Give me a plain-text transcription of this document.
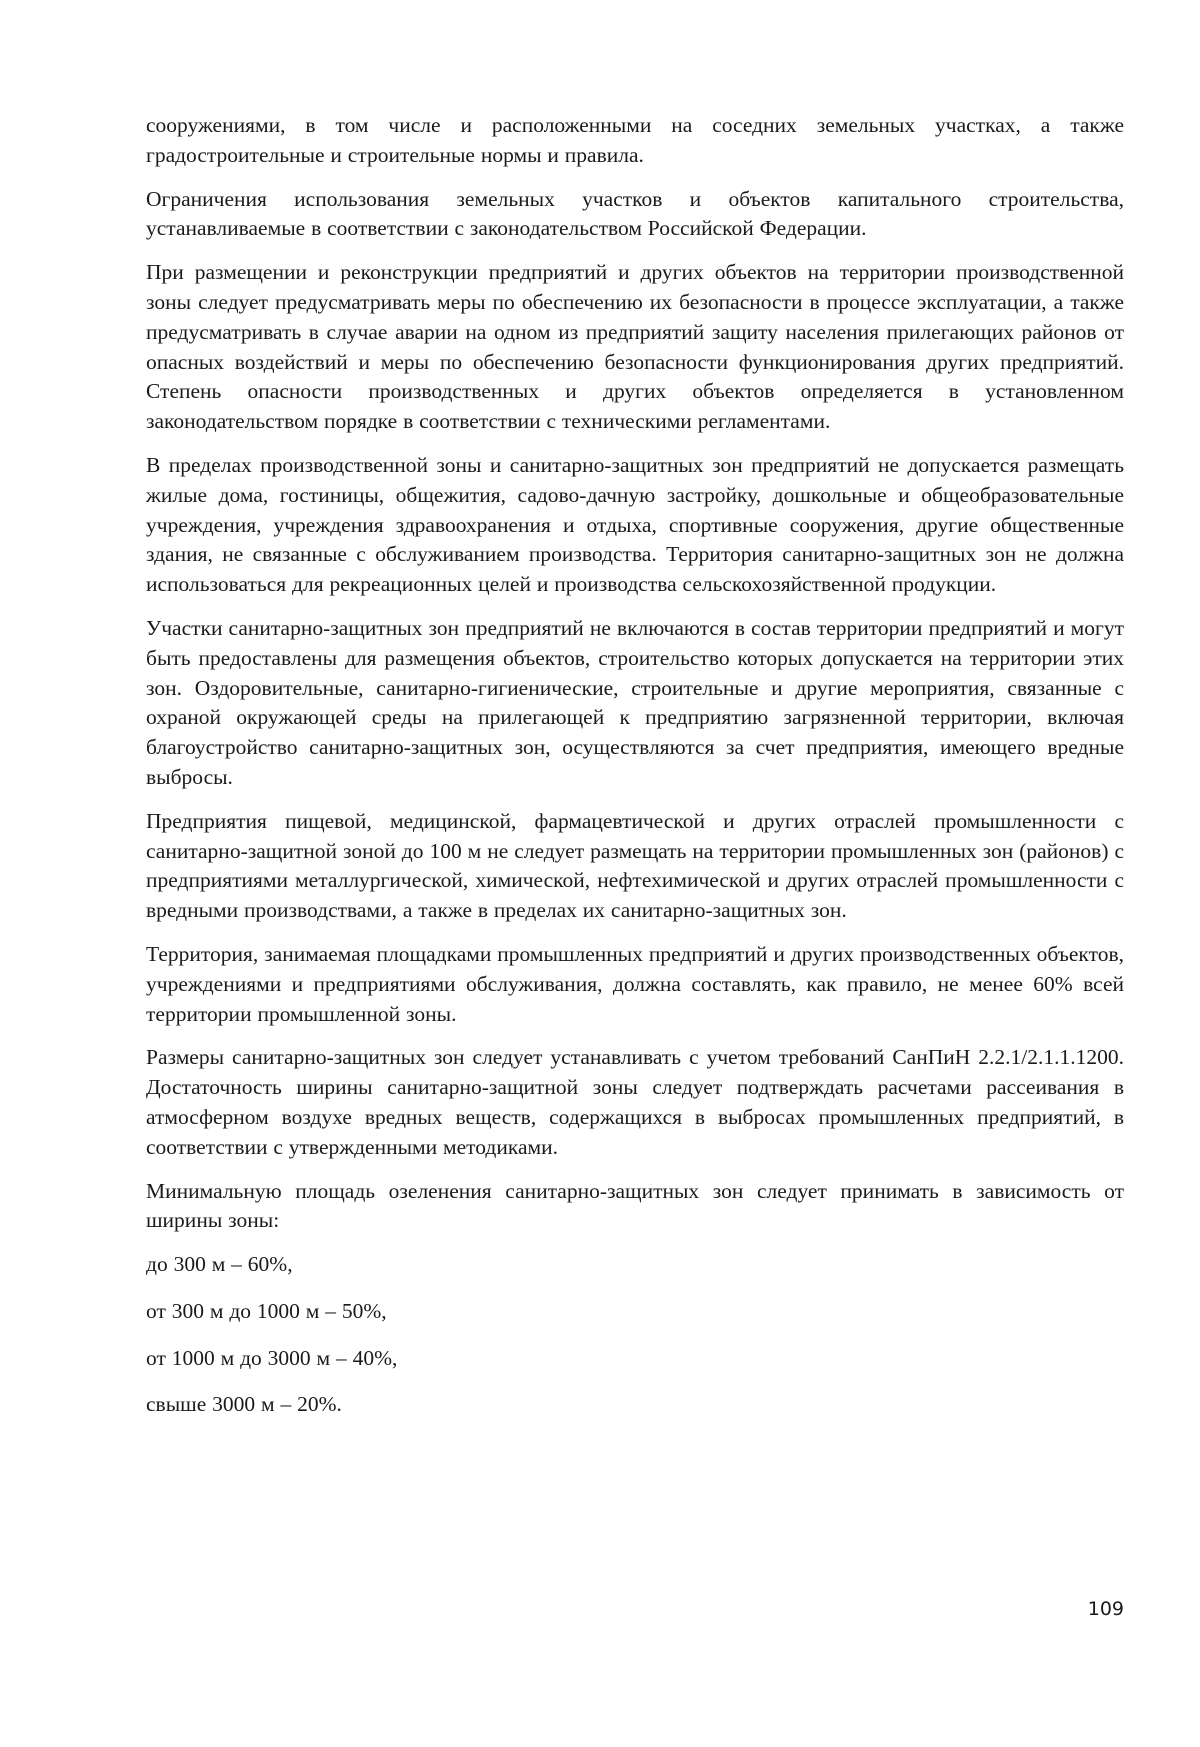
сооружениями, в том числе и расположенными на соседних земельных участках, а также градостроительные и строительные нормы и правила.

Ограничения использования земельных участков и объектов капитального строительства, устанавливаемые в соответствии с законодательством Российской Федерации.

При размещении и реконструкции предприятий и других объектов на территории производственной зоны следует предусматривать меры по обеспечению их безопасности в процессе эксплуатации, а также предусматривать в случае аварии на одном из предприятий защиту населения прилегающих районов от опасных воздействий и меры по обеспечению безопасности функционирования других предприятий. Степень опасности производственных и других объектов определяется в установленном законодательством порядке в соответствии с техническими регламентами.

В пределах производственной зоны и санитарно-защитных зон предприятий не допускается размещать жилые дома, гостиницы, общежития, садово-дачную застройку, дошкольные и общеобразовательные учреждения, учреждения здравоохранения и отдыха, спортивные сооружения, другие общественные здания, не связанные с обслуживанием производства. Территория санитарно-защитных зон не должна использоваться для рекреационных целей и производства сельскохозяйственной продукции.

Участки санитарно-защитных зон предприятий не включаются в состав территории предприятий и могут быть предоставлены для размещения объектов, строительство которых допускается на территории этих зон. Оздоровительные, санитарно-гигиенические, строительные и другие мероприятия, связанные с охраной окружающей среды на прилегающей к предприятию загрязненной территории, включая благоустройство санитарно-защитных зон, осуществляются за счет предприятия, имеющего вредные выбросы.

Предприятия пищевой, медицинской, фармацевтической и других отраслей промышленности с санитарно-защитной зоной до 100 м не следует размещать на территории промышленных зон (районов) с предприятиями металлургической, химической, нефтехимической и других отраслей промышленности с вредными производствами, а также в пределах их санитарно-защитных зон.

Территория, занимаемая площадками промышленных предприятий и других производственных объектов, учреждениями и предприятиями обслуживания, должна составлять, как правило, не менее 60% всей территории промышленной зоны.

Размеры санитарно-защитных зон следует устанавливать с учетом требований СанПиН 2.2.1/2.1.1.1200. Достаточность ширины санитарно-защитной зоны следует подтверждать расчетами рассеивания в атмосферном воздухе вредных веществ, содержащихся в выбросах промышленных предприятий, в соответствии с утвержденными методиками.

Минимальную площадь озеленения санитарно-защитных зон следует принимать в зависимость от ширины зоны:

до 300 м – 60%,

от 300 м до 1000 м – 50%,

от 1000 м до 3000 м – 40%,

свыше 3000 м – 20%.

109
